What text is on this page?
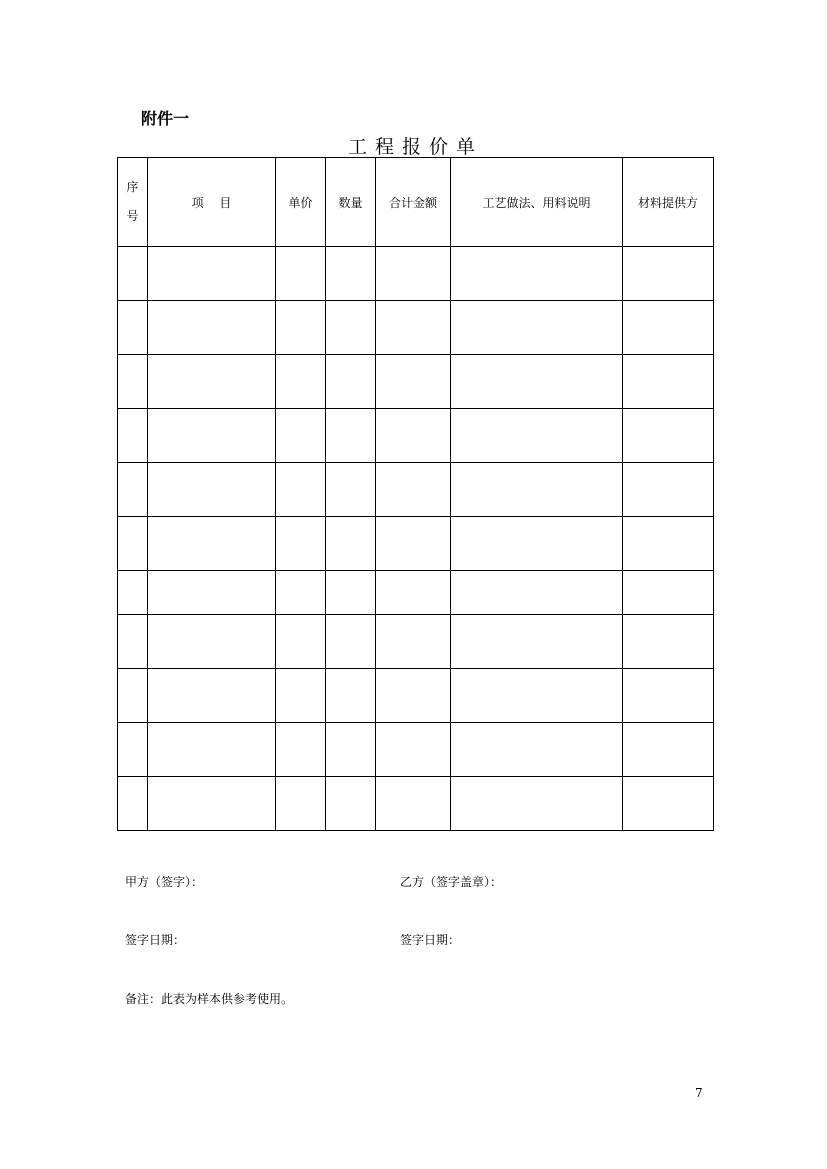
附件一
工程报价单
序
号	项　 目	单价	数量	合计金额	工艺做法、用料说明	材料提供方

甲方（签字）：	乙方（签字盖章）：
签字日期：	签字日期：
备注：此表为样本供参考使用。
7
